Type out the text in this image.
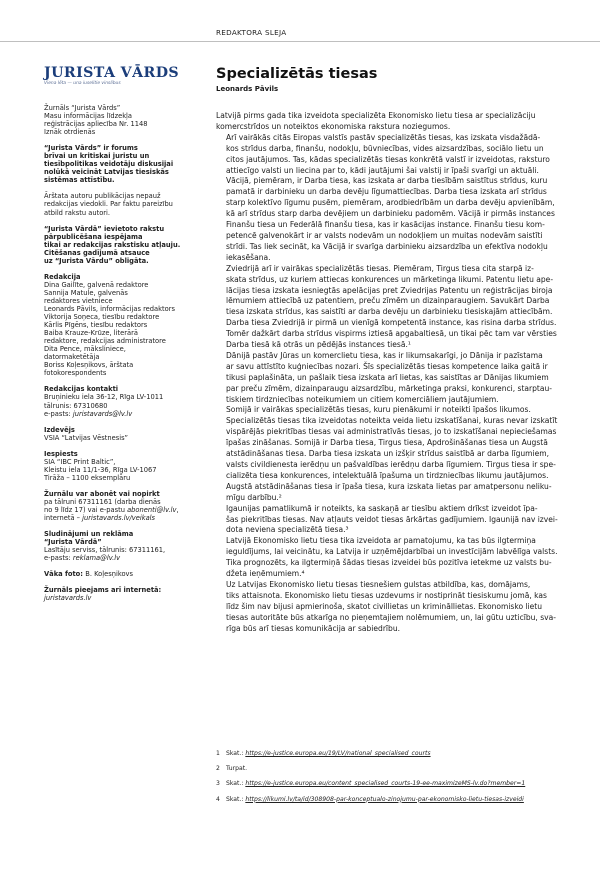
REDAKTORA SLEJA
JURISTA VĀRDS
Viena lēta — una iuselitie vinslibus
Žurnāls “Jurista Vārds”
Masu informācijas līdzekļa
reģistrācijas apliecība Nr. 1148
Iznāk otrdienās
“Jurista Vārds” ir forums
brīvai un kritiskai juristu un
tiesībpolitikas veidotāju diskusijai
nolūkā veicināt Latvijas tiesiskās
sistēmas attīstību.
Ārštata autoru publikācijas nepauž
redakcijas viedokli. Par faktu pareizību
atbild rakstu autori.
“Jurista Vārdā” ievietoto rakstu
pārpublicēšana iespējama
tikai ar redakcijas rakstisku atļauju.
Citēšanas gadījumā atsauce
uz “Jurista Vārdu” obligāta.
Redakcija
Dina Gailīte, galvenā redaktore
Sannija Matule, galvenās
redaktores vietniece
Leonards Pāvils, informācijas redaktors
Viktorija Soņeca, tiesību redaktore
Kārlis Pīgēns, tiesību redaktors
Baiba Krauze-Krūze, literārā
redaktore, redakcijas administratore
Dita Pence, māksliniece,
datormaketētāja
Boriss Koļesņikovs, ārštata
fotokorespondents
Redakcijas kontakti
Bruņinieku iela 36-12, Rīga LV-1011
tālrunis: 67310680
e-pasts: juristavards@lv.lv
Izdevējs
VSIA “Latvijas Vēstnesis”
Iespiests
SIA “IBC Print Baltic”,
Kleistu iela 11/1-36, Rīga LV-1067
Tirāža – 1100 eksemplāru
Žurnālu var abonēt vai nopirkt
pa tālruni 67311161 (darba dienās
no 9 līdz 17) vai e-pastu abonenti@lv.lv,
internetā – juristavards.lv/veikals
Sludinājumi un reklāma
“Jurista Vārdā”
Lasītāju serviss, tālrunis: 67311161,
e-pasts: reklama@lv.lv
Vāka foto: B. Koļesņikovs
Žurnāls pieejams arī internetā:
juristavards.lv
Specializētās tiesas
Leonards Pāvils
Latvijā pirms gada tika izveidota specializēta Ekonomisko lietu tiesa ar specializāciju
komercstrīdos un noteiktos ekonomiska rakstura noziegumos.
Arī vairākās citās Eiropas valstīs pastāv specializētās tiesas, kas izskata visdažādā-
kos strīdus darba, finanšu, nodokļu, būvniecības, vides aizsardzības, sociālo lietu un
citos jautājumos. Tas, kādas specializētās tiesas konkrētā valstī ir izveidotas, raksturo
attiecīgo valsti un liecina par to, kādi jautājumi šai valstij ir īpaši svarīgi un aktuāli.
Vācijā, piemēram, ir Darba tiesa, kas izskata ar darba tiesībām saistītus strīdus, kuru
pamatā ir darbinieku un darba devēju līgumattiecības. Darba tiesa izskata arī strīdus
starp kolektīvo līgumu pusēm, piemēram, arodbiedrībām un darba devēju apvienībām,
kā arī strīdus starp darba devējiem un darbinieku padomēm. Vācijā ir pirmās instances
Finanšu tiesa un Federālā finanšu tiesa, kas ir kasācijas instance. Finanšu tiesu kom-
petencē galvenokārt ir ar valsts nodevām un nodokļiem un muitas nodevām saistīti
strīdi. Tas liek secināt, ka Vācijā ir svarīga darbinieku aizsardzība un efektīva nodokļu
iekasēšana.
Zviedrijā arī ir vairākas specializētās tiesas. Piemēram, Tirgus tiesa cita starpā iz-
skata strīdus, uz kuriem attiecas konkurences un mārketinga likumi. Patentu lietu ape-
lācijas tiesa izskata iesniegtās apelācijas pret Zviedrijas Patentu un reģistrācijas biroja
lēmumiem attiecībā uz patentiem, preču zīmēm un dizainparaugiem. Savukārt Darba
tiesa izskata strīdus, kas saistīti ar darba devēju un darbinieku tiesiskajām attiecībām.
Darba tiesa Zviedrijā ir pirmā un vienīgā kompetentā instance, kas risina darba strīdus.
Tomēr dažkārt darba strīdus vispirms iztiesā apgabaltiesā, un tikai pēc tam var vērsties
Darba tiesā kā otrās un pēdējās instances tiesā.¹
Dānijā pastāv Jūras un komerclietu tiesa, kas ir likumsakarīgi, jo Dānija ir pazīstama
ar savu attīstīto kuģniecības nozari. Šīs specializētās tiesas kompetence laika gaitā ir
tikusi paplašināta, un pašlaik tiesa izskata arī lietas, kas saistītas ar Dānijas likumiem
par preču zīmēm, dizainparaugu aizsardzību, mārketinga praksi, konkurenci, starptau-
tiskiem tirdzniecības noteikumiem un citiem komerciāliem jautājumiem.
Somijā ir vairākas specializētās tiesas, kuru pienākumi ir noteikti īpašos likumos.
Specializētās tiesas tika izveidotas noteikta veida lietu izskatīšanai, kuras nevar izskatīt
vispārējās piekritības tiesas vai administratīvās tiesas, jo to izskatīšanai nepieciešamas
īpašas zināšanas. Somijā ir Darba tiesa, Tirgus tiesa, Apdrošināšanas tiesa un Augstā
atstādināšanas tiesa. Darba tiesa izskata un izšķir strīdus saistībā ar darba līgumiem,
valsts civildienesta ierēdņu un pašvaldības ierēdņu darba līgumiem. Tirgus tiesa ir spe-
cializēta tiesa konkurences, intelektuālā īpašuma un tirdzniecības likumu jautājumos.
Augstā atstādināšanas tiesa ir īpaša tiesa, kura izskata lietas par amatpersonu neliku-
mīgu darbību.²
Igaunijas pamatlikumā ir noteikts, ka saskaņā ar tiesību aktiem drīkst izveidot īpa-
šas piekritības tiesas. Nav atļauts veidot tiesas ārkārtas gadījumiem. Igaunijā nav izvei-
dota neviena specializētā tiesa.³
Latvijā Ekonomisko lietu tiesa tika izveidota ar pamatojumu, ka tas būs ilgtermiņa
ieguldījums, lai veicinātu, ka Latvija ir uzņēmējdarbībai un investīcijām labvēlīga valsts.
Tika prognozēts, ka ilgtermiņā šādas tiesas izveidei būs pozitīva ietekme uz valsts bu-
džeta ieņēmumiem.⁴
Uz Latvijas Ekonomisko lietu tiesas tiesnešiem gulstas atbildība, kas, domājams,
tiks attaisnota. Ekonomisko lietu tiesas uzdevums ir nostiprināt tiesiskumu jomā, kas
līdz šim nav bijusi apmierinoša, skatot civillietas un krimināllietas. Ekonomisko lietu
tiesas autoritāte būs atkarīga no pieņemtajiem nolēmumiem, un, lai gūtu uzticību, sva-
rīga būs arī tiesas komunikācija ar sabiedrību.
1 Skat.: https://e-justice.europa.eu/19/LV/national_specialised_courts
2 Turpat.
3 Skat.: https://e-justice.europa.eu/content_specialised_courts-19-ee-maximizeMS-lv.do?member=1
4 Skat.: https://likumi.lv/ta/id/308908-par-konceptualo-zinojumu-par-ekonomisko-lietu-tiesas-izveidi
